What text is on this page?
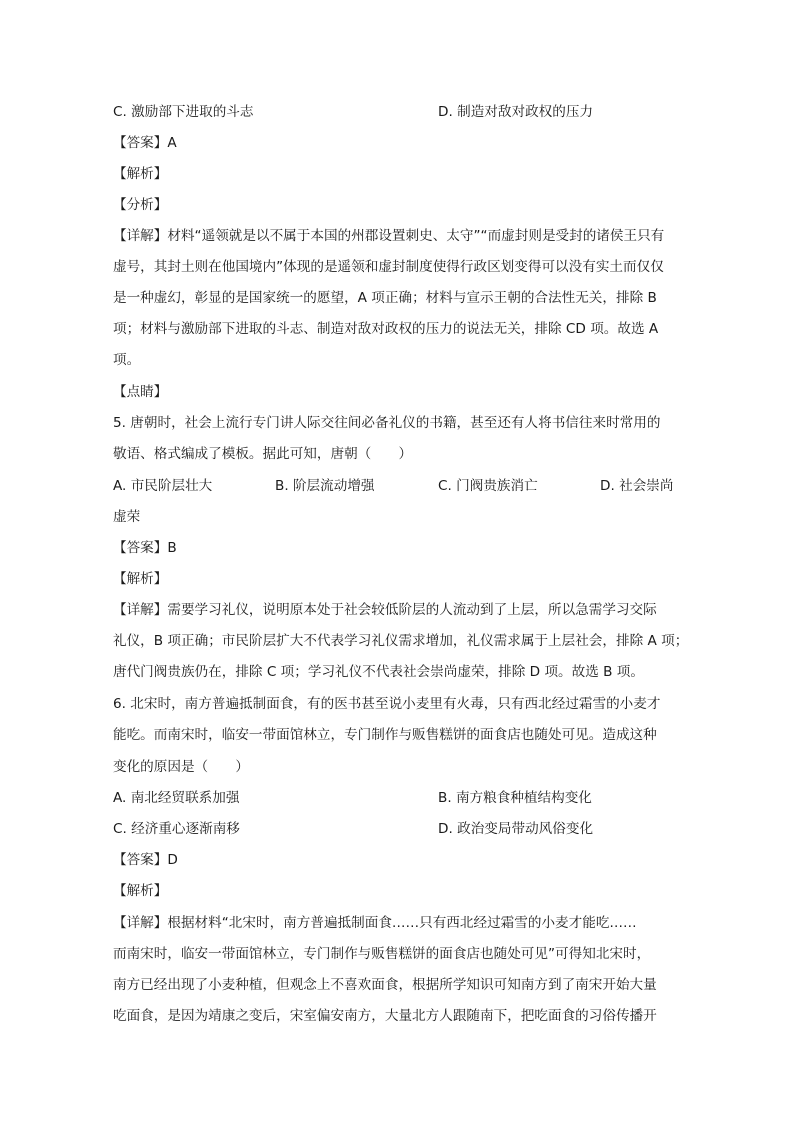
C. 激励部下进取的斗志	D. 制造对敌对政权的压力
【答案】A
【解析】
【分析】
【详解】材料“遥领就是以不属于本国的州郡设置刺史、太守”“而虚封则是受封的诸侯王只有
虚号，其封土则在他国境内”体现的是遥领和虚封制度使得行政区划变得可以没有实土而仅仅
是一种虚幻，彰显的是国家统一的愿望，A 项正确；材料与宣示王朝的合法性无关，排除 B
项；材料与激励部下进取的斗志、制造对敌对政权的压力的说法无关，排除 CD 项。故选 A
项。
【点睛】
5. 唐朝时，社会上流行专门讲人际交往间必备礼仪的书籍，甚至还有人将书信往来时常用的
敬语、格式编成了模板。据此可知，唐朝（　　）
A. 市民阶层壮大	B. 阶层流动增强	C. 门阀贵族消亡	D. 社会崇尚
虚荣
【答案】B
【解析】
【详解】需要学习礼仪，说明原本处于社会较低阶层的人流动到了上层，所以急需学习交际
礼仪，B 项正确；市民阶层扩大不代表学习礼仪需求增加，礼仪需求属于上层社会，排除 A 项；
唐代门阀贵族仍在，排除 C 项；学习礼仪不代表社会崇尚虚荣，排除 D 项。故选 B 项。
6. 北宋时，南方普遍抵制面食，有的医书甚至说小麦里有火毒，只有西北经过霜雪的小麦才
能吃。而南宋时，临安一带面馆林立，专门制作与贩售糕饼的面食店也随处可见。造成这种
变化的原因是（　　）
A. 南北经贸联系加强	B. 南方粮食种植结构变化
C. 经济重心逐渐南移	D. 政治变局带动风俗变化
【答案】D
【解析】
【详解】根据材料“北宋时，南方普遍抵制面食……只有西北经过霜雪的小麦才能吃……
而南宋时，临安一带面馆林立，专门制作与贩售糕饼的面食店也随处可见”可得知北宋时，
南方已经出现了小麦种植，但观念上不喜欢面食，根据所学知识可知南方到了南宋开始大量
吃面食，是因为靖康之变后，宋室偏安南方，大量北方人跟随南下，把吃面食的习俗传播开
